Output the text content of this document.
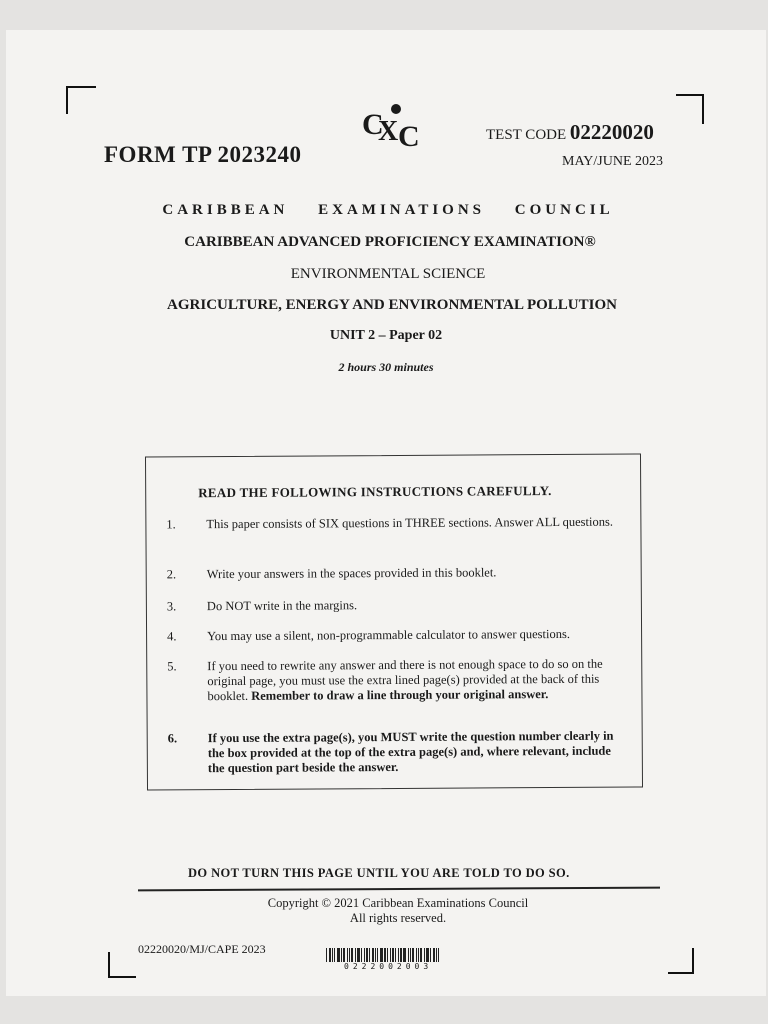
FORM TP 2023240
C
X C	TEST CODE 02220020
MAY/JUNE 2023
CARIBBEAN EXAMINATIONS COUNCIL
CARIBBEAN ADVANCED PROFICIENCY EXAMINATION®
ENVIRONMENTAL SCIENCE
AGRICULTURE, ENERGY AND ENVIRONMENTAL POLLUTION
UNIT 2 – Paper 02
2 hours 30 minutes
READ THE FOLLOWING INSTRUCTIONS CAREFULLY.
1. This paper consists of SIX questions in THREE sections. Answer ALL questions.
2. Write your answers in the spaces provided in this booklet.
3. Do NOT write in the margins.
4. You may use a silent, non-programmable calculator to answer questions.
5. If you need to rewrite any answer and there is not enough space to do so on the original page, you must use the extra lined page(s) provided at the back of this booklet. Remember to draw a line through your original answer.
6. If you use the extra page(s), you MUST write the question number clearly in the box provided at the top of the extra page(s) and, where relevant, include the question part beside the answer.
DO NOT TURN THIS PAGE UNTIL YOU ARE TOLD TO DO SO.
Copyright © 2021 Caribbean Examinations Council
All rights reserved.
02220020/MJ/CAPE 2023
0222002003
